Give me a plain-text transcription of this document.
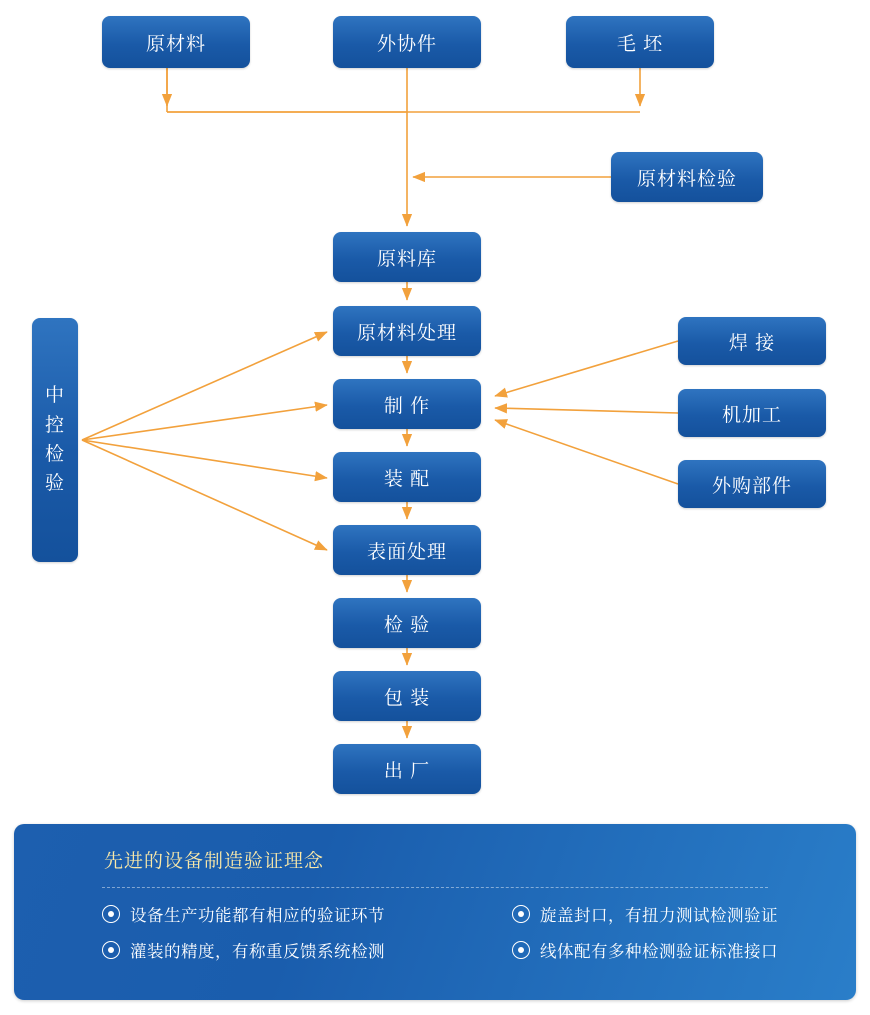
原材料	外协件	毛 坯
原材料检验
原料库
原材料处理
制 作
装 配
表面处理
检 验
包 装
出 厂
焊 接
机加工
外购部件
中
控
检
验
先进的设备制造验证理念
设备生产功能都有相应的验证环节	旋盖封口，有扭力测试检测验证
灌装的精度，有称重反馈系统检测	线体配有多种检测验证标准接口
